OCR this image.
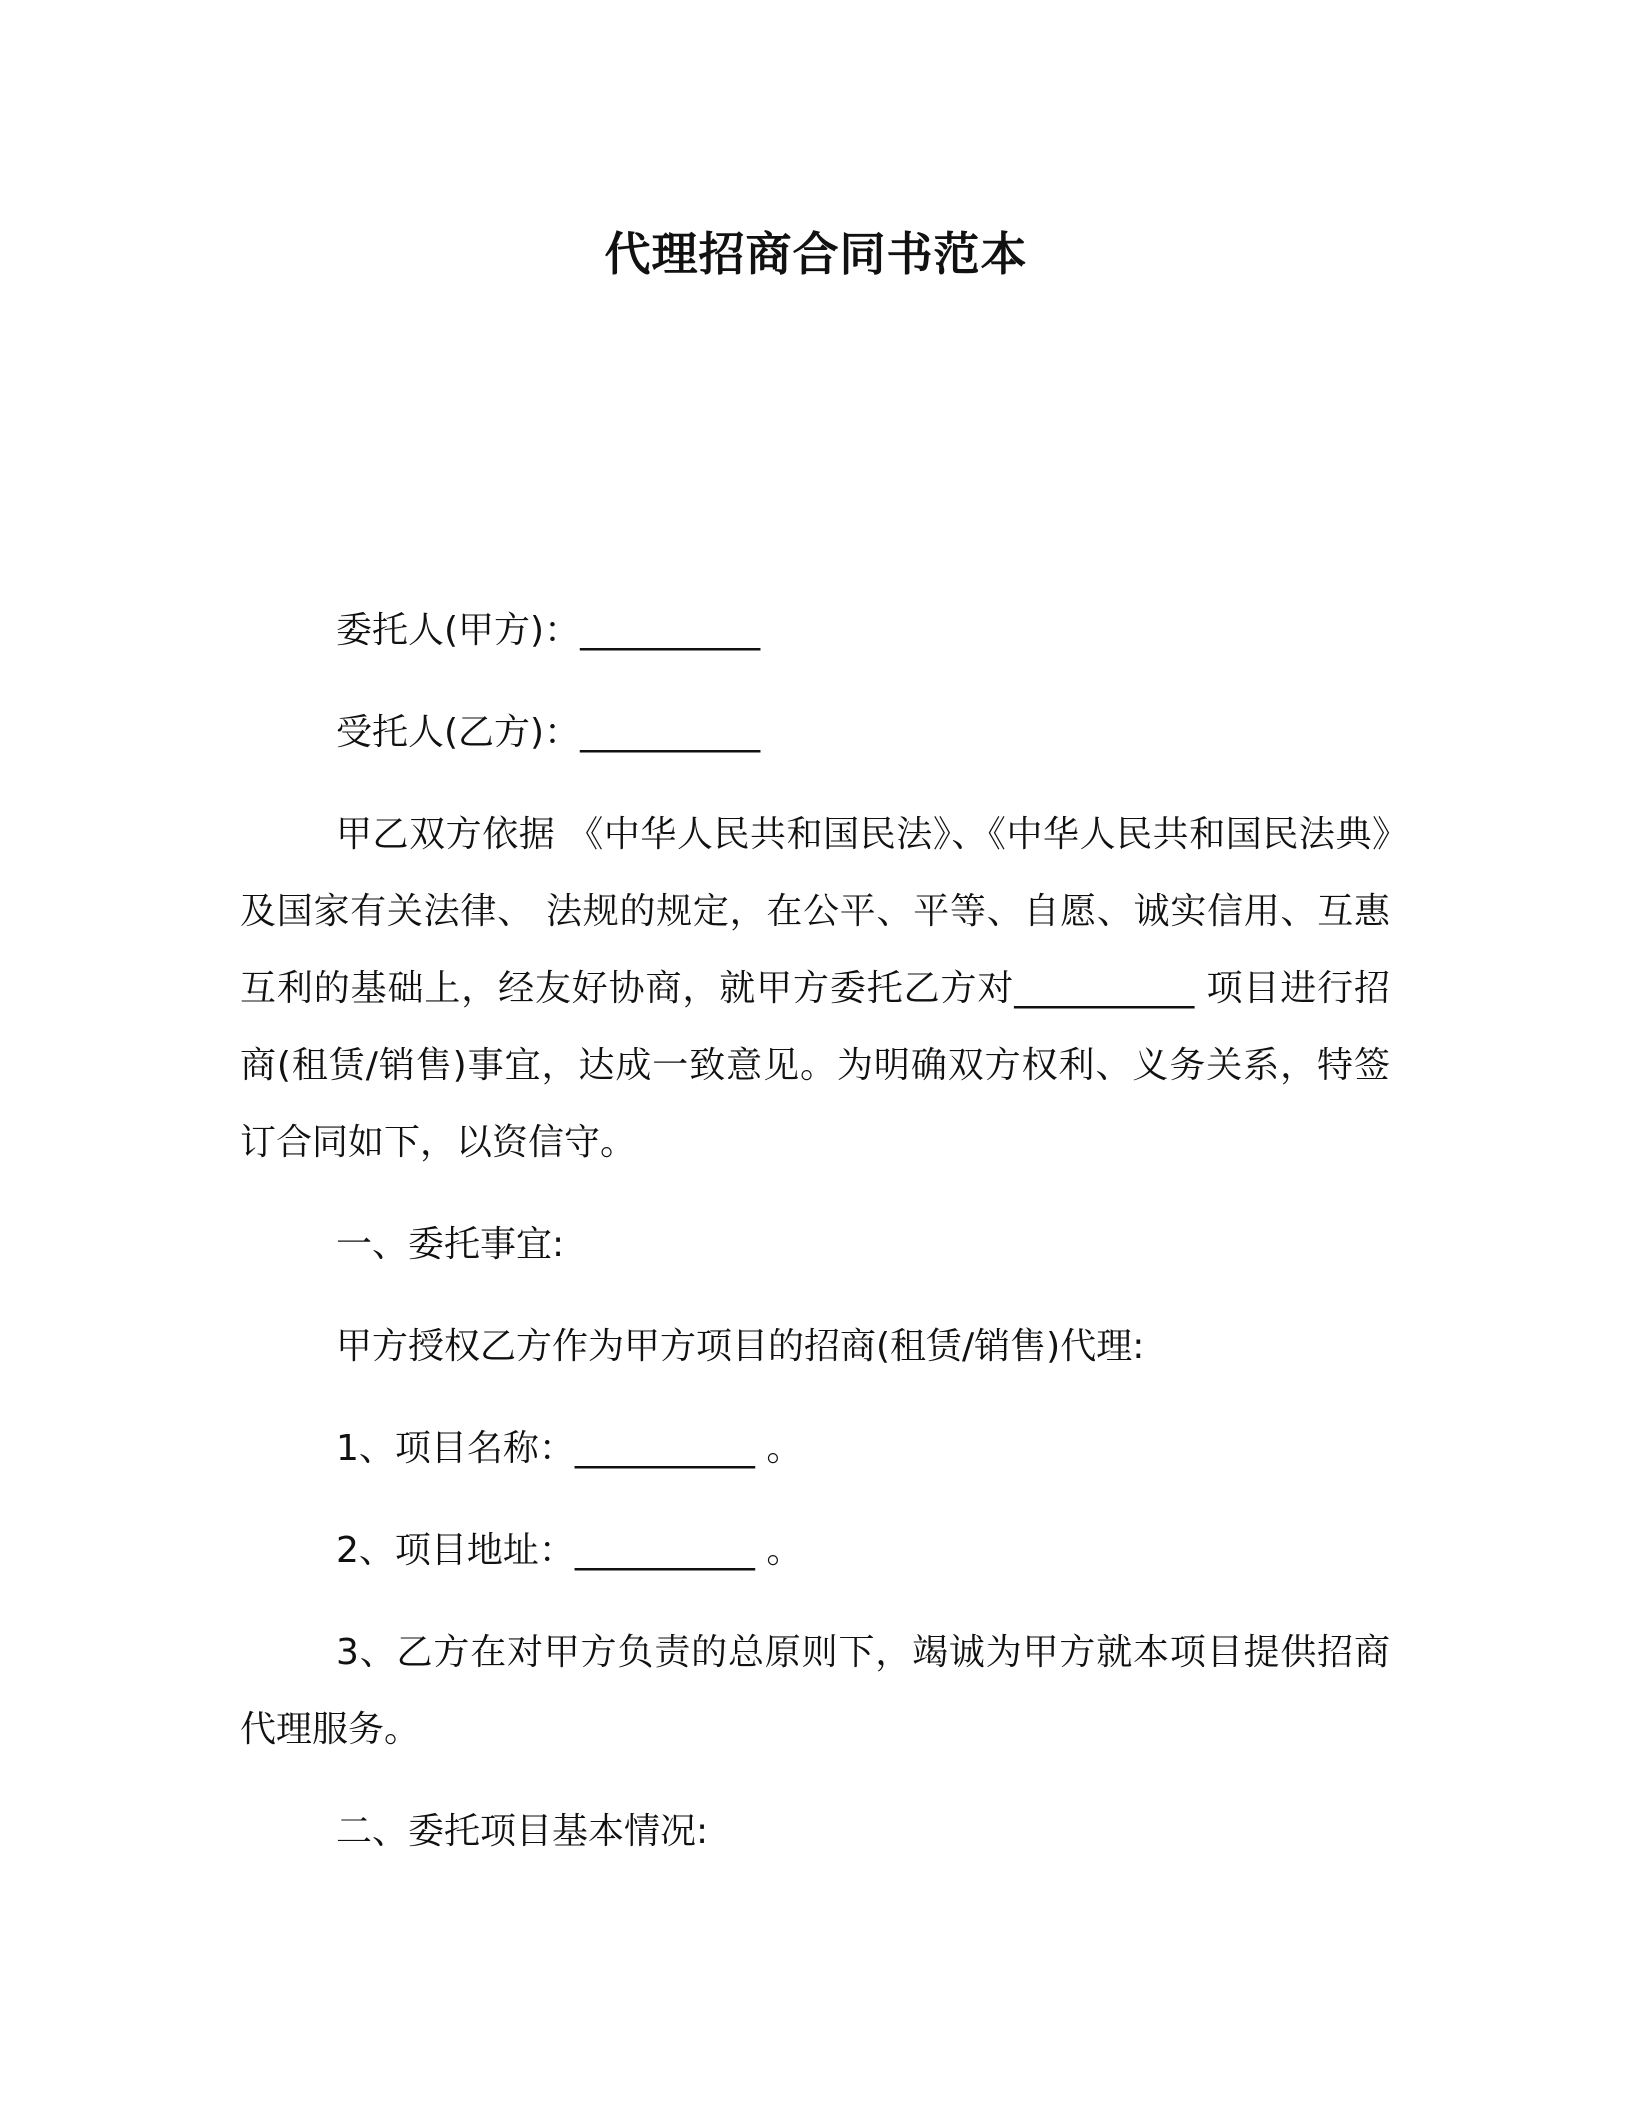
代理招商合同书范本

委托人(甲方)：__________

受托人(乙方)：__________

甲乙双方依据 《中华人民共和国民法》、《中华人民共和国民法典》及国家有关法律、 法规的规定，在公平、平等、自愿、诚实信用、互惠互利的基础上，经友好协商，就甲方委托乙方对__________ 项目进行招商(租赁/销售)事宜，达成一致意见。为明确双方权利、义务关系，特签订合同如下，以资信守。

一、委托事宜:

甲方授权乙方作为甲方项目的招商(租赁/销售)代理:

1、项目名称：__________ 。

2、项目地址：__________ 。

3、乙方在对甲方负责的总原则下，竭诚为甲方就本项目提供招商代理服务。

二、委托项目基本情况:
